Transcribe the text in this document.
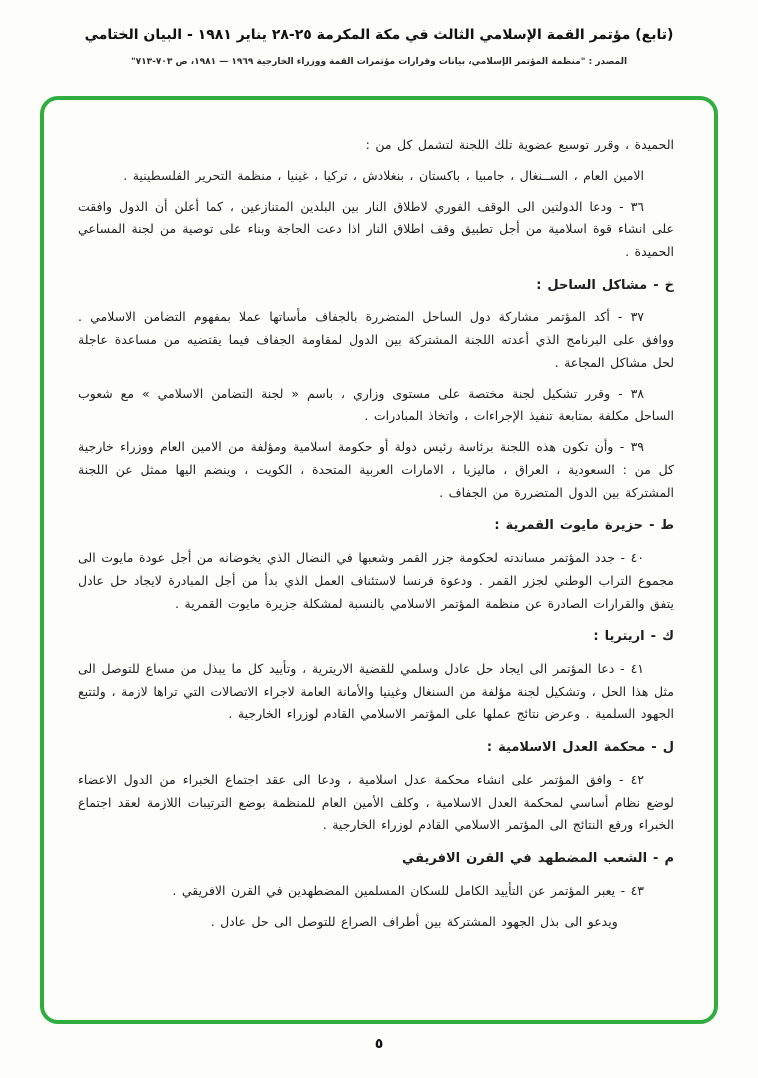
(تابع) مؤتمر القمة الإسلامي الثالث في مكة المكرمة ٢٥-٢٨ يناير ١٩٨١ - البيان الختامي
المصدر : "منظمة المؤتمر الإسلامي، بيانات وقرارات مؤتمرات القمة ووزراء الخارجية ١٩٦٩ — ١٩٨١، ص ٧٠٣-٧١٣"
الحميدة ، وقرر توسيع عضوية تلك اللجنة لتشمل كل من :
الامين العام ، الســنغال ، جامبيا ، باكستان ، بنغلادش ، تركيا ، غينيا ، منظمة التحرير الفلسطينية .
٣٦ - ودعا الدولتين الى الوقف الفوري لاطلاق النار بين البلدين المتنازعين ، كما أعلن أن الدول وافقت على انشاء قوة اسلامية من أجل تطبيق وقف اطلاق النار اذا دعت الحاجة وبناء على توصية من لجنة المساعي الحميدة .
خ - مشاكل الساحل :
٣٧ - أكد المؤتمر مشاركة دول الساحل المتضررة بالجفاف مأساتها عملا بمفهوم التضامن الاسلامي . ووافق على البرنامج الذي أعدته اللجنة المشتركة بين الدول لمقاومة الجفاف فيما يقتضيه من مساعدة عاجلة لحل مشاكل المجاعة .
٣٨ - وقرر تشكيل لجنة مختصة على مستوى وزاري ، باسم « لجنة التضامن الاسلامي » مع شعوب الساحل مكلفة بمتابعة تنفيذ الإجراءات ، واتخاذ المبادرات .
٣٩ - وأن تكون هذه اللجنة برئاسة رئيس دولة أو حكومة اسلامية ومؤلفة من الامين العام ووزراء خارجية كل من : السعودية ، العراق ، ماليزيا ، الامارات العربية المتحدة ، الكويت ، وينضم اليها ممثل عن اللجنة المشتركة بين الدول المتضررة من الجفاف .
ط - حزيرة مايوت القمرية :
٤٠ - جدد المؤتمر مساندته لحكومة جزر القمر وشعبها في النضال الذي يخوضانه من أجل عودة مايوت الى مجموع التراب الوطني لجزر القمر . ودعوة فرنسا لاستئناف العمل الذي بدأ من أجل المبادرة لايجاد حل عادل يتفق والقرارات الصادرة عن منظمة المؤتمر الاسلامي بالنسبة لمشكلة جزيرة مايوت القمرية .
ك - اريتريا :
٤١ - دعا المؤتمر الى ايجاد حل عادل وسلمي للقضية الاريترية ، وتأييد كل ما يبذل من مساع للتوصل الى مثل هذا الحل ، وتشكيل لجنة مؤلفة من السنغال وغينيا والأمانة العامة لاجراء الاتصالات التي تراها لازمة ، ولتتبع الجهود السلمية . وعرض نتائج عملها على المؤتمر الاسلامي القادم لوزراء الخارجية .
ل - محكمة العدل الاسلامية :
٤٢ - وافق المؤتمر على انشاء محكمة عدل اسلامية ، ودعا الى عقد اجتماع الخبراء من الدول الاعضاء لوضع نظام أساسي لمحكمة العدل الاسلامية ، وكلف الأمين العام للمنظمة بوضع الترتيبات اللازمة لعقد اجتماع الخبراء ورفع النتائج الى المؤتمر الاسلامي القادم لوزراء الخارجية .
م - الشعب المضطهد في القرن الافريقي
٤٣ - يعبر المؤتمر عن التأييد الكامل للسكان المسلمين المضطهدين في القرن الافريقي .
ويدعو الى بذل الجهود المشتركة بين أطراف الصراع للتوصل الى حل عادل .
٥
